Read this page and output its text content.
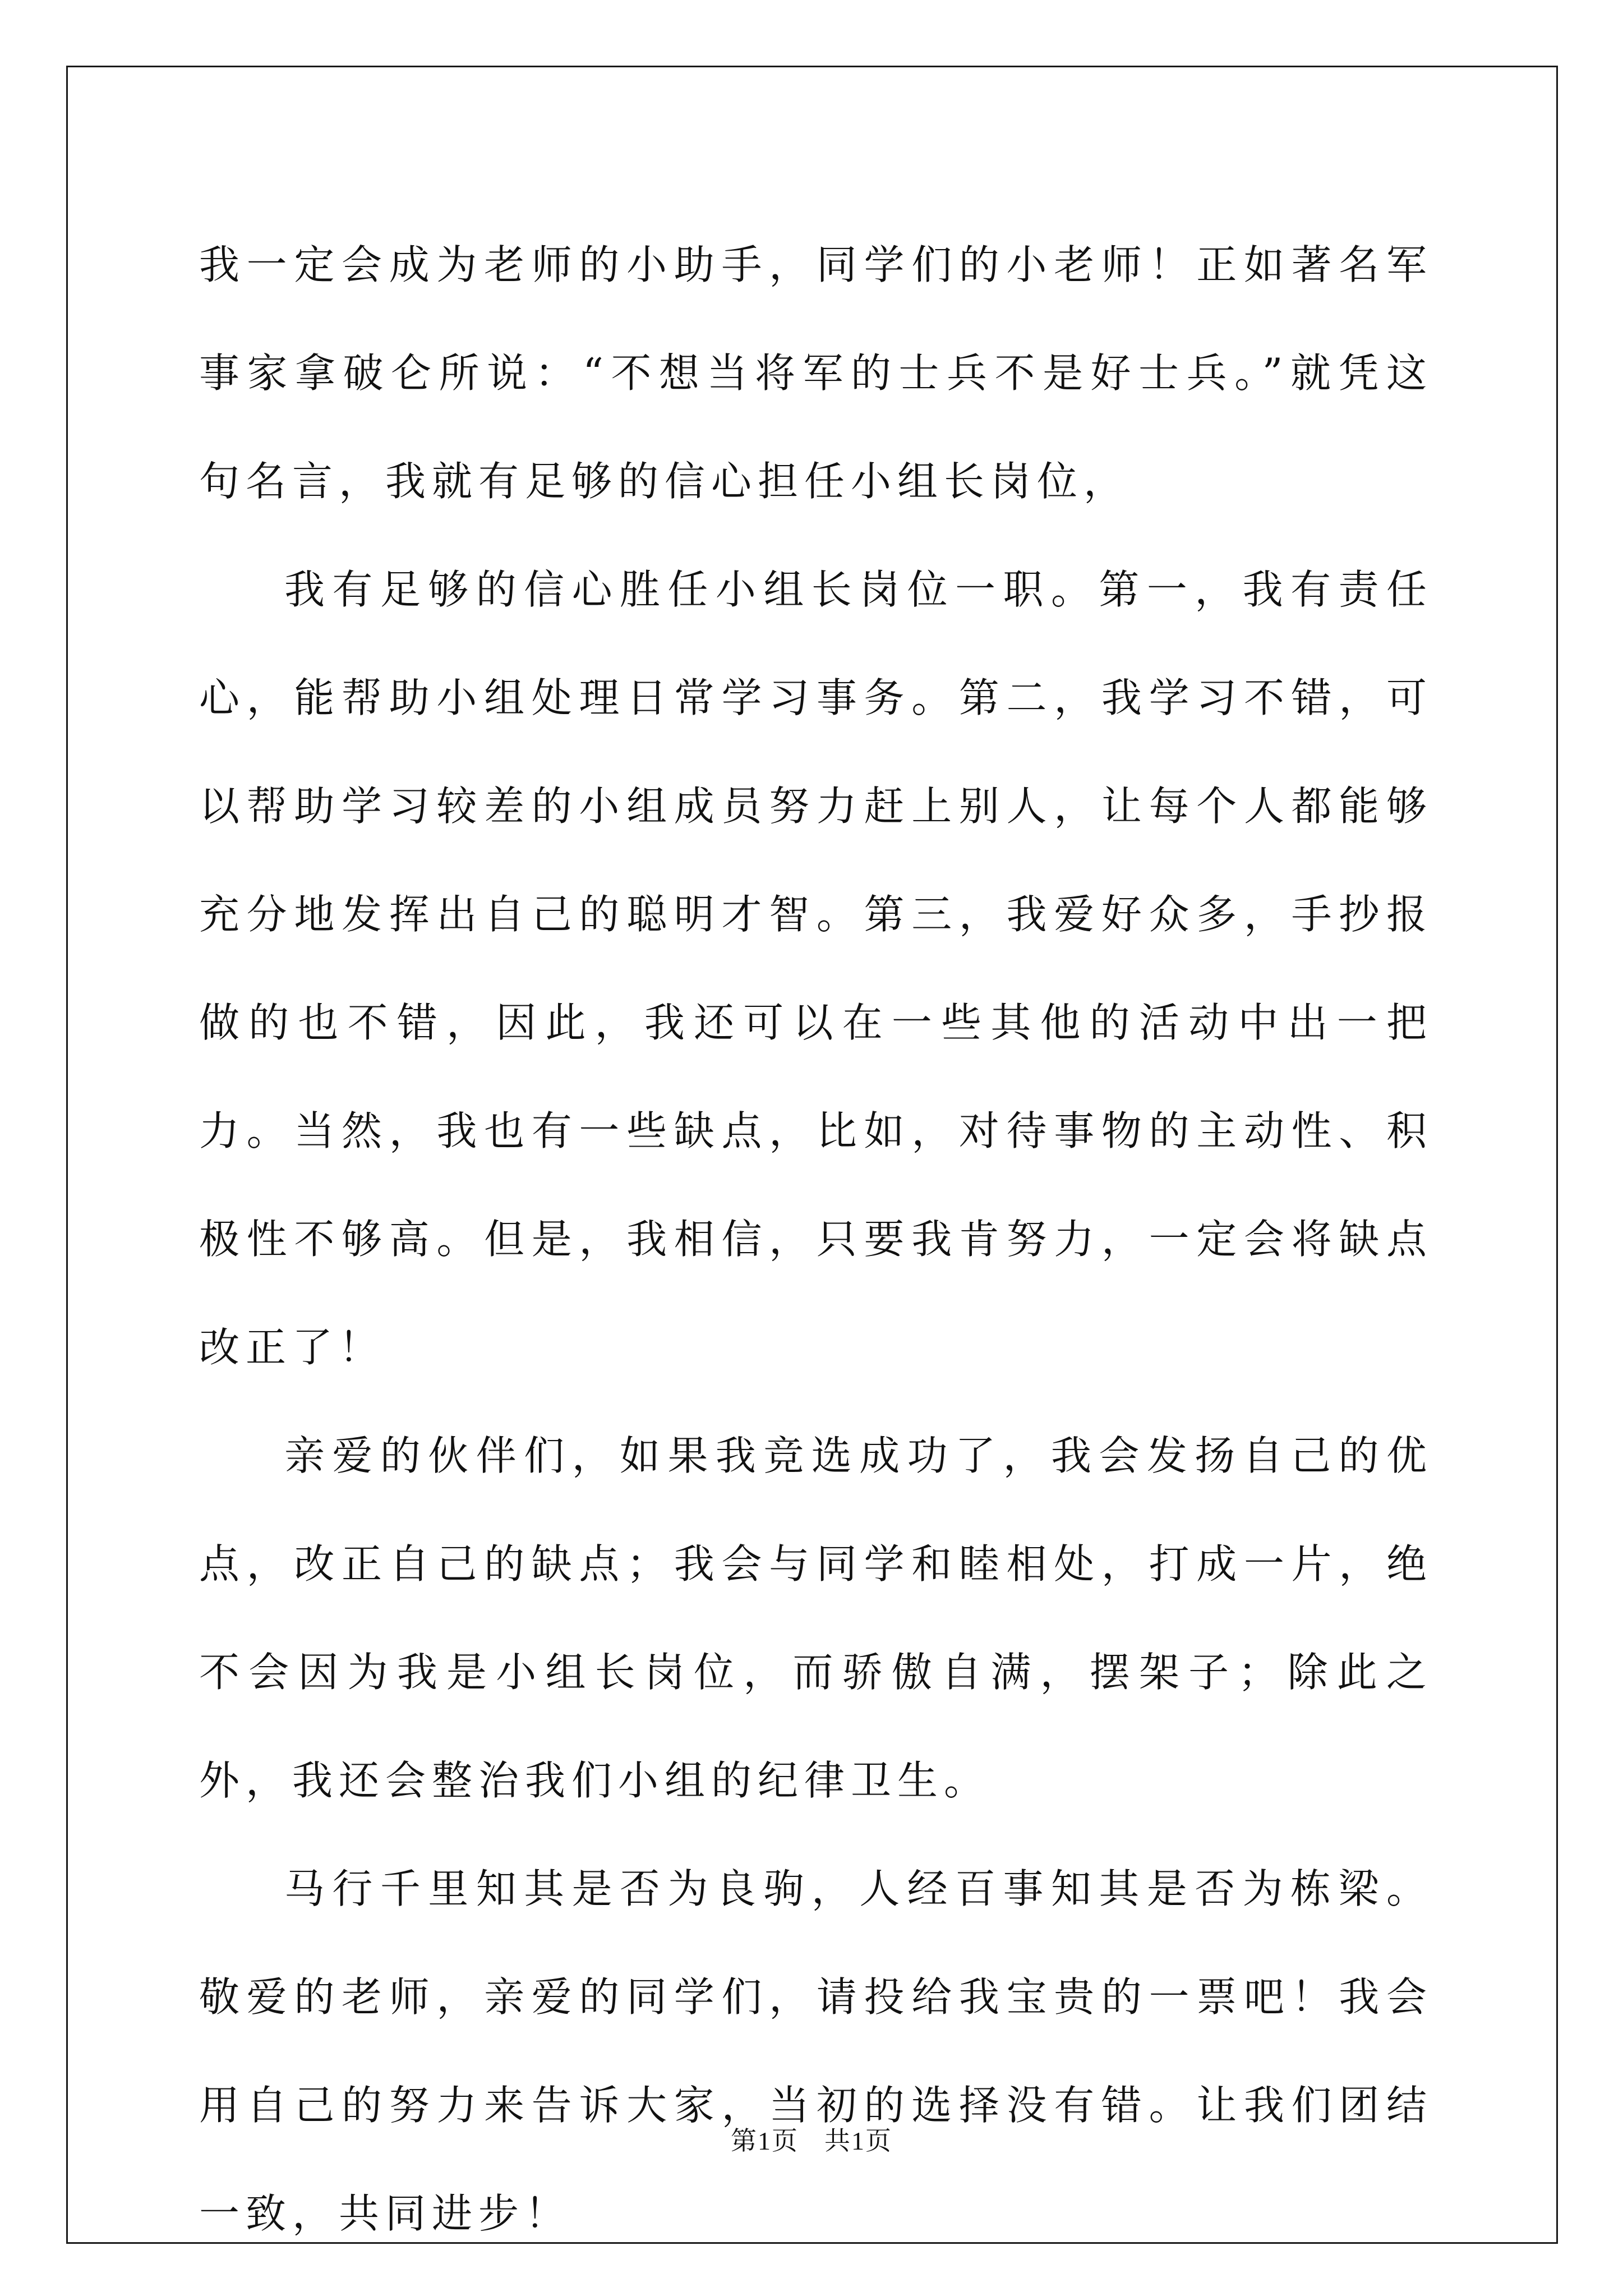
我一定会成为老师的小助手，同学们的小老师！正如著名军事家拿破仑所说：“不想当将军的士兵不是好士兵。”就凭这句名言，我就有足够的信心担任小组长岗位，

我有足够的信心胜任小组长岗位一职。第一，我有责任心，能帮助小组处理日常学习事务。第二，我学习不错，可以帮助学习较差的小组成员努力赶上别人，让每个人都能够充分地发挥出自己的聪明才智。第三，我爱好众多，手抄报做的也不错，因此，我还可以在一些其他的活动中出一把力。当然，我也有一些缺点，比如，对待事物的主动性、积极性不够高。但是，我相信，只要我肯努力，一定会将缺点改正了！

亲爱的伙伴们，如果我竞选成功了，我会发扬自己的优点，改正自己的缺点；我会与同学和睦相处，打成一片，绝不会因为我是小组长岗位，而骄傲自满，摆架子；除此之外，我还会整治我们小组的纪律卫生。

马行千里知其是否为良驹，人经百事知其是否为栋梁。敬爱的老师，亲爱的同学们，请投给我宝贵的一票吧！我会用自己的努力来告诉大家，当初的选择没有错。让我们团结一致，共同进步！

第1页 共1页
